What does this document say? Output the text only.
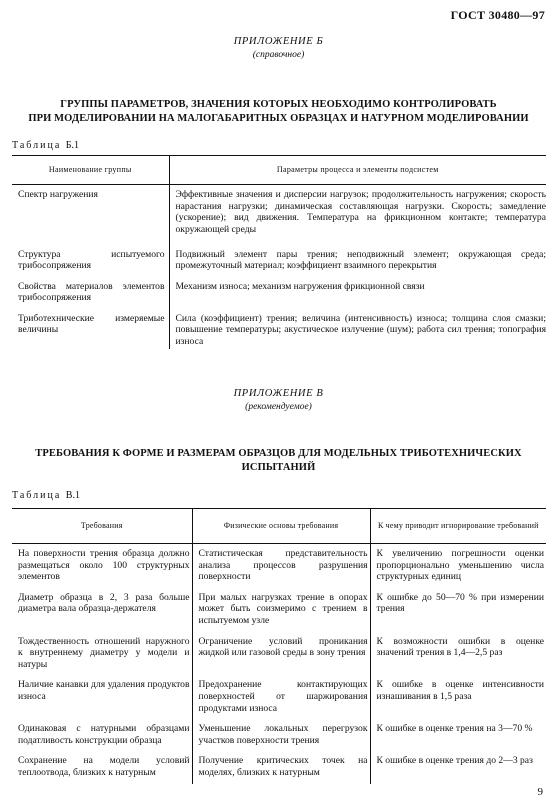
ГОСТ 30480—97
ПРИЛОЖЕНИЕ Б
(справочное)
ГРУППЫ ПАРАМЕТРОВ, ЗНАЧЕНИЯ КОТОРЫХ НЕОБХОДИМО КОНТРОЛИРОВАТЬ
ПРИ МОДЕЛИРОВАНИИ НА МАЛОГАБАРИТНЫХ ОБРАЗЦАХ И НАТУРНОМ МОДЕЛИРОВАНИИ
Таблица Б.1
Наименование группы	Параметры процесса и элементы подсистем
Спектр нагружения	Эффективные значения и дисперсии нагрузок; продолжительность нагружения; скорость нарастания нагрузки; динамическая составляющая нагрузки. Скорость; замедление (ускорение); вид движения. Температура на фрикционном контакте; температура окружающей среды
Структура испытуемого трибосопряжения	Подвижный элемент пары трения; неподвижный элемент; окружающая среда; промежуточный материал; коэффициент взаимного перекрытия
Свойства материалов элементов трибосопряжения	Механизм износа; механизм нагружения фрикционной связи
Триботехнические измеряемые величины	Сила (коэффициент) трения; величина (интенсивность) износа; толщина слоя смазки; повышение температуры; акустическое излучение (шум); работа сил трения; топография износа
ПРИЛОЖЕНИЕ В
(рекомендуемое)
ТРЕБОВАНИЯ К ФОРМЕ И РАЗМЕРАМ ОБРАЗЦОВ ДЛЯ МОДЕЛЬНЫХ ТРИБОТЕХНИЧЕСКИХ
ИСПЫТАНИЙ
Таблица В.1
Требования	Физические основы требования	К чему приводит игнорирование требований
На поверхности трения образца должно размещаться около 100 структурных элементов	Статистическая представительность анализа процессов разрушения поверхности	К увеличению погрешности оценки пропорционально уменьшению числа структурных единиц
Диаметр образца в 2, 3 раза больше диаметра вала образца-держателя	При малых нагрузках трение в опорах может быть соизмеримо с трением в испытуемом узле	К ошибке до 50—70 % при измерении трения
Тождественность отношений наружного к внутреннему диаметру у модели и натуры	Ограничение условий проникания жидкой или газовой среды в зону трения	К возможности ошибки в оценке значений трения в 1,4—2,5 раз
Наличие канавки для удаления продуктов износа	Предохранение контактирующих поверхностей от шаржирования продуктами износа	К ошибке в оценке интенсивности изнашивания в 1,5 раза
Одинаковая с натурными образцами податливость конструкции образца	Уменьшение локальных перегрузок участков поверхности трения	К ошибке в оценке трения на 3—70 %
Сохранение на модели условий теплоотвода, близких к натурным	Получение критических точек на моделях, близких к натурным	К ошибке в оценке трения до 2—3 раз
9
